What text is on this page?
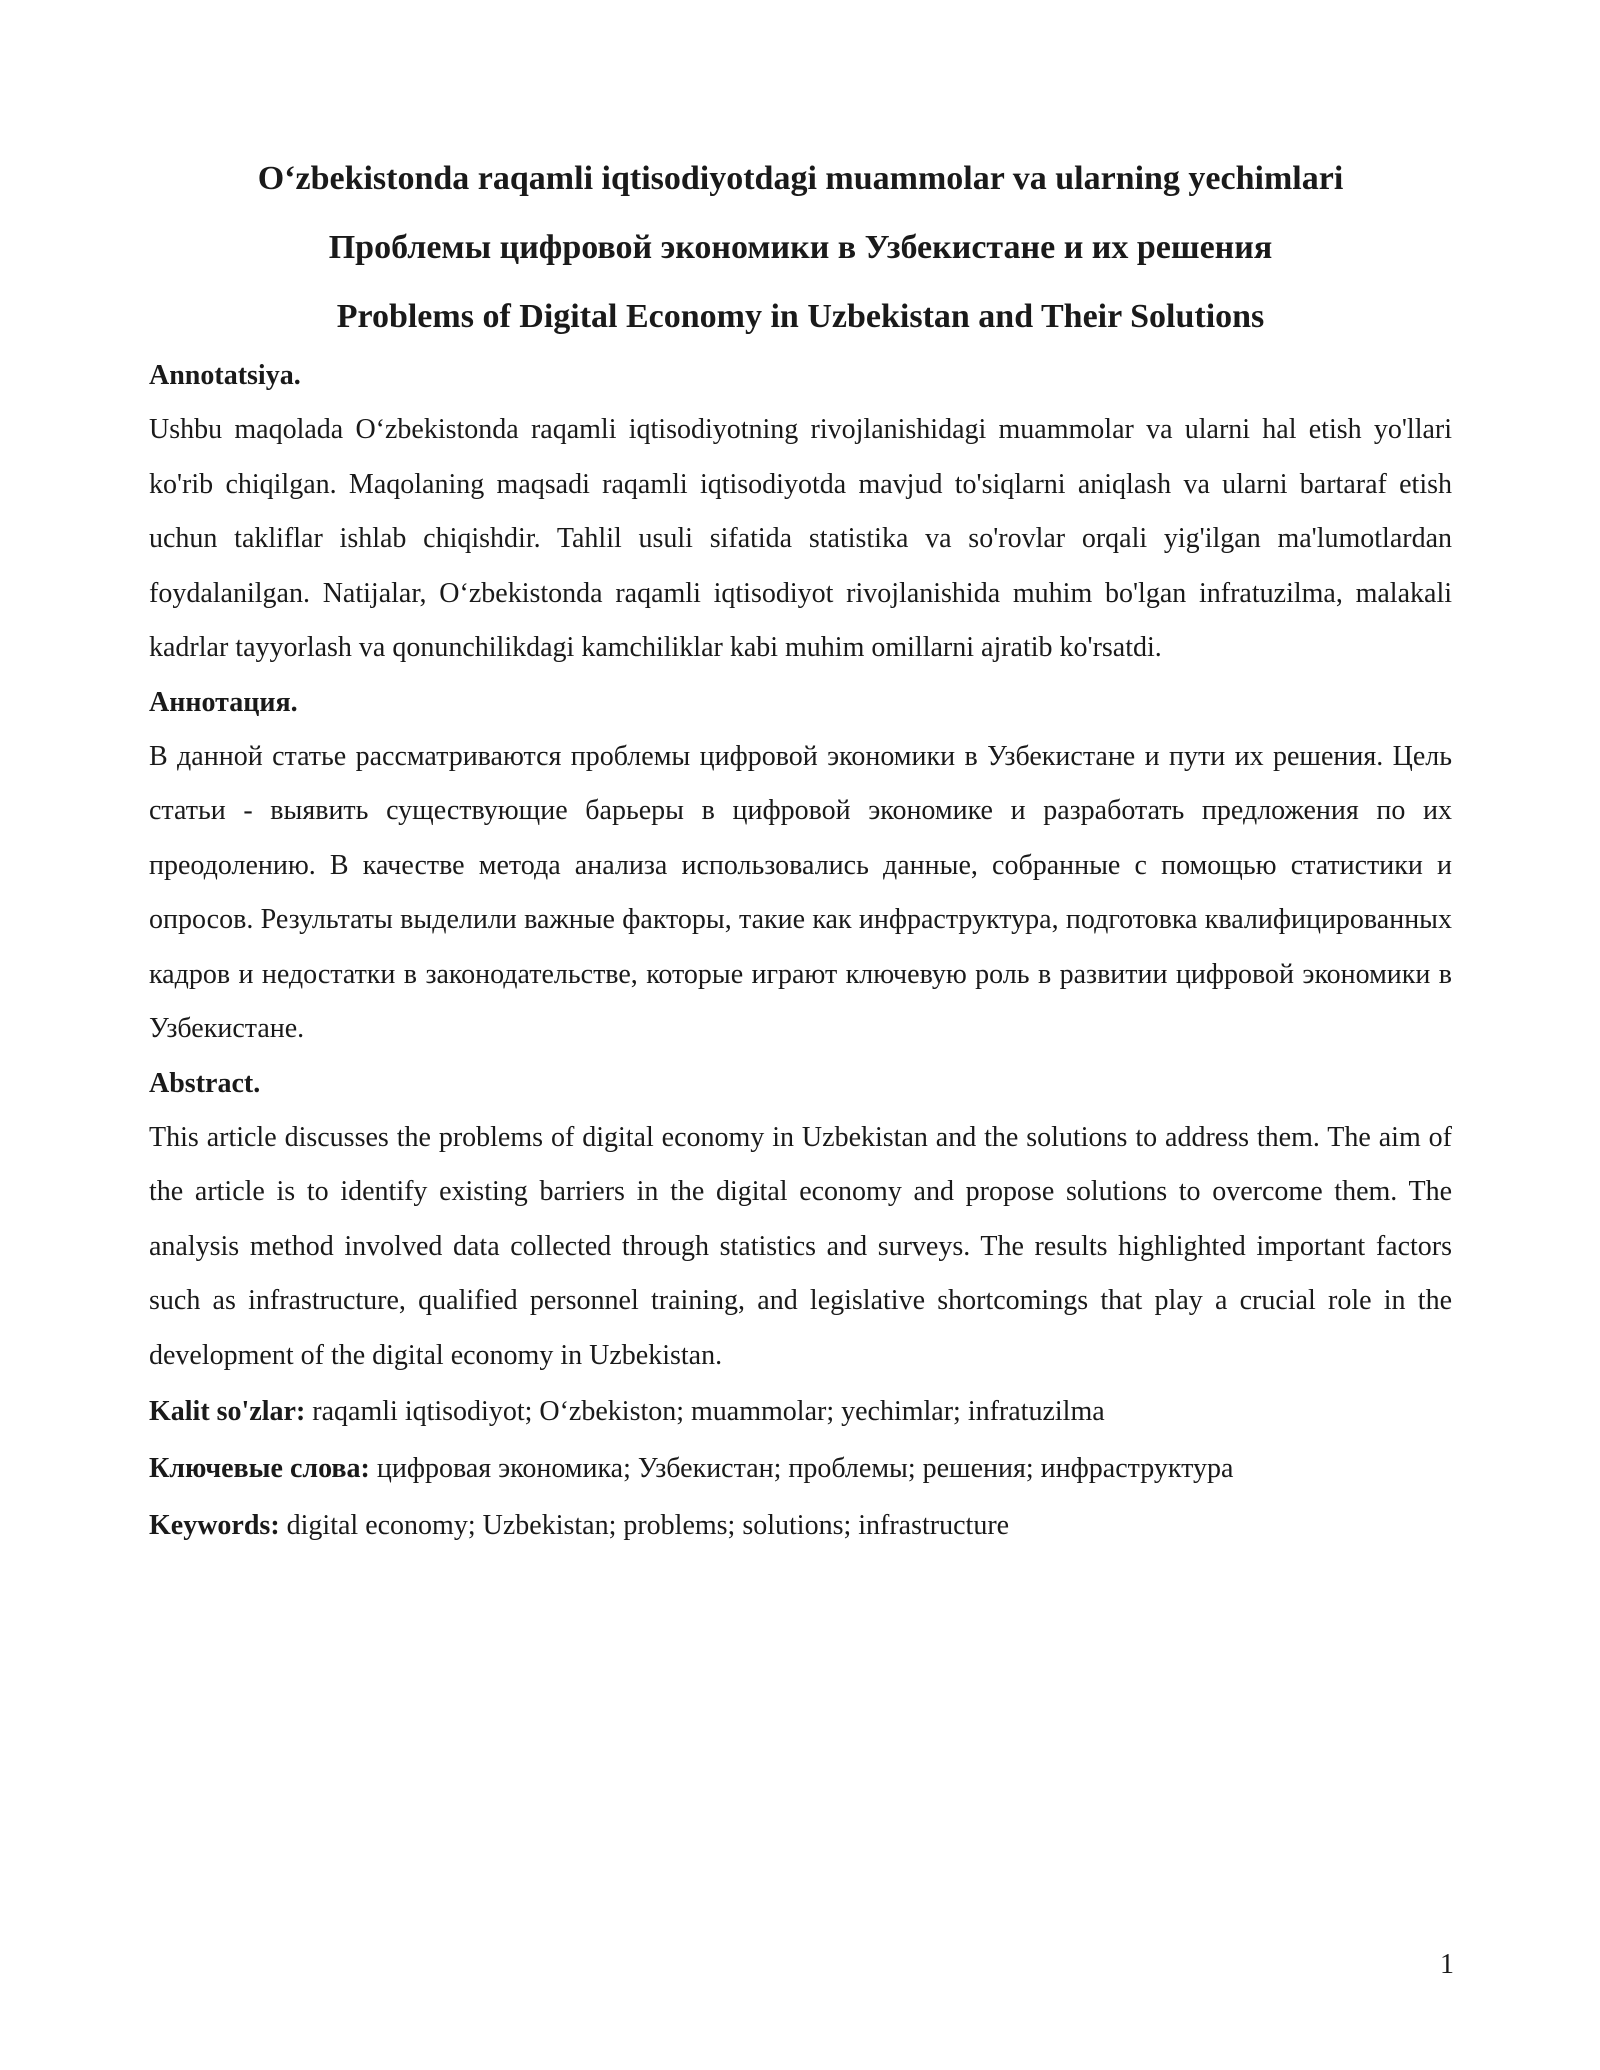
O‘zbekistonda raqamli iqtisodiyotdagi muammolar va ularning yechimlari
Проблемы цифровой экономики в Узбекистане и их решения
Problems of Digital Economy in Uzbekistan and Their Solutions
Annotatsiya.

Ushbu maqolada O‘zbekistonda raqamli iqtisodiyotning rivojlanishidagi muammolar va ularni hal etish yo'llari ko'rib chiqilgan. Maqolaning maqsadi raqamli iqtisodiyotda mavjud to'siqlarni aniqlash va ularni bartaraf etish uchun takliflar ishlab chiqishdir. Tahlil usuli sifatida statistika va so'rovlar orqali yig'ilgan ma'lumotlardan foydalanilgan. Natijalar, O‘zbekistonda raqamli iqtisodiyot rivojlanishida muhim bo'lgan infratuzilma, malakali kadrlar tayyorlash va qonunchilikdagi kamchiliklar kabi muhim omillarni ajratib ko'rsatdi.

Аннотация.

В данной статье рассматриваются проблемы цифровой экономики в Узбекистане и пути их решения. Цель статьи - выявить существующие барьеры в цифровой экономике и разработать предложения по их преодолению. В качестве метода анализа использовались данные, собранные с помощью статистики и опросов. Результаты выделили важные факторы, такие как инфраструктура, подготовка квалифицированных кадров и недостатки в законодательстве, которые играют ключевую роль в развитии цифровой экономики в Узбекистане.

Abstract.

This article discusses the problems of digital economy in Uzbekistan and the solutions to address them. The aim of the article is to identify existing barriers in the digital economy and propose solutions to overcome them. The analysis method involved data collected through statistics and surveys. The results highlighted important factors such as infrastructure, qualified personnel training, and legislative shortcomings that play a crucial role in the development of the digital economy in Uzbekistan.

Kalit so'zlar: raqamli iqtisodiyot; O‘zbekiston; muammolar; yechimlar; infratuzilma

Ключевые слова: цифровая экономика; Узбекистан; проблемы; решения; инфраструктура

Keywords: digital economy; Uzbekistan; problems; solutions; infrastructure

1
